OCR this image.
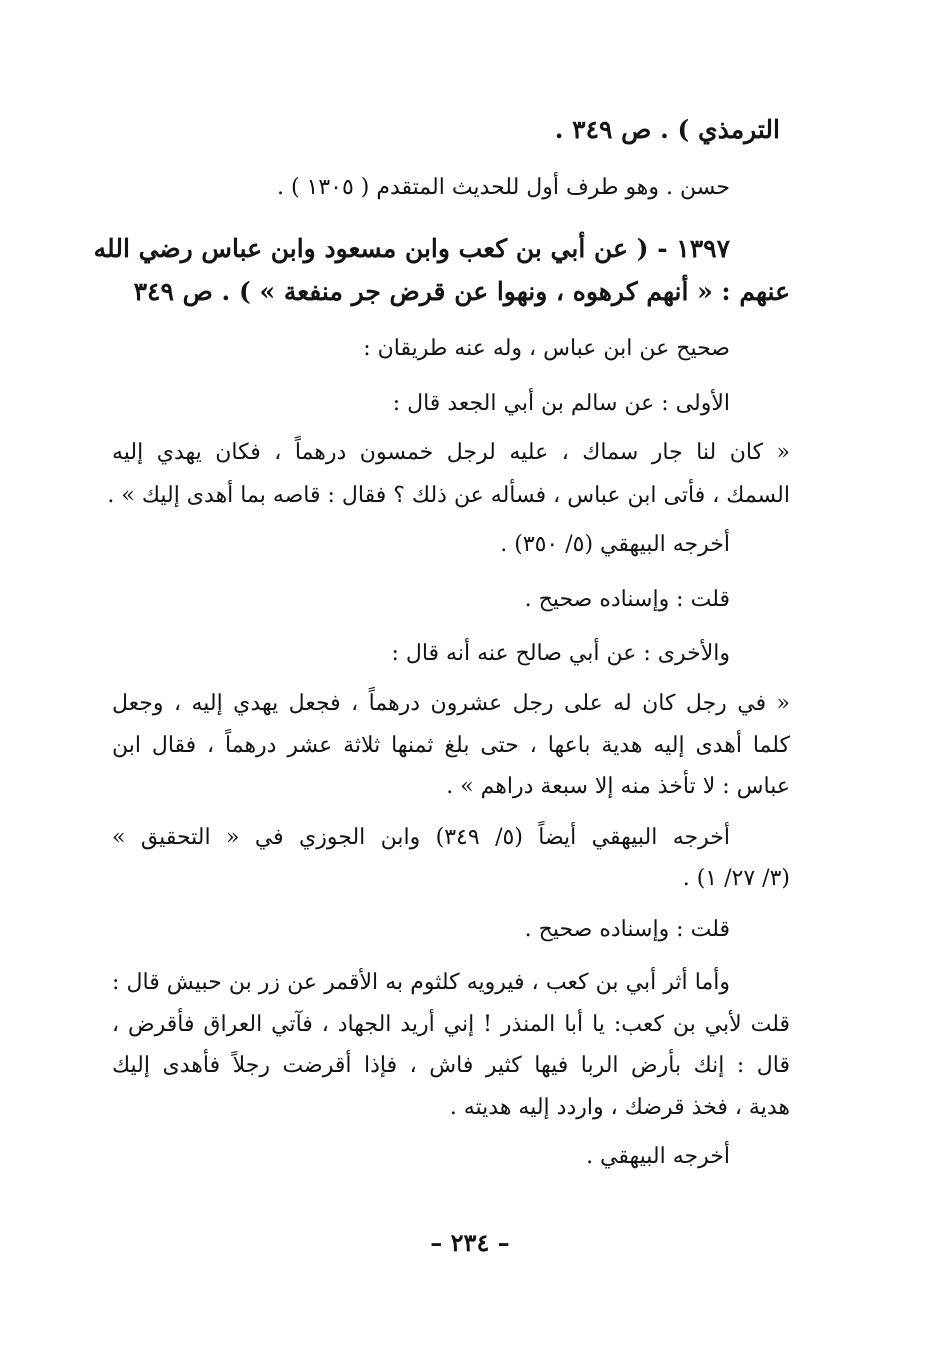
الترمذي ) . ص ٣٤٩ .
حسن . وهو طرف أول للحديث المتقدم ( ١٣٠٥ ) .
١٣٩٧ - ( عن أبي بن كعب وابن مسعود وابن عباس رضي الله
عنهم : « أنهم كرهوه ، ونهوا عن قرض جر منفعة » ) . ص ٣٤٩
صحيح عن ابن عباس ، وله عنه طريقان :
الأولى : عن سالم بن أبي الجعد قال :
« كان لنا جار سماك ، عليه لرجل خمسون درهماً ، فكان يهدي إليه
السمك ، فأتى ابن عباس ، فسأله عن ذلك ؟ فقال : قاصه بما أهدى إليك » .
أخرجه البيهقي (٥/ ٣٥٠) .
قلت : وإسناده صحيح .
والأخرى : عن أبي صالح عنه أنه قال :
« في رجل كان له على رجل عشرون درهماً ، فجعل يهدي إليه ، وجعل
كلما أهدى إليه هدية باعها ، حتى بلغ ثمنها ثلاثة عشر درهماً ، فقال ابن
عباس : لا تأخذ منه إلا سبعة دراهم » .
أخرجه البيهقي أيضاً (٥/ ٣٤٩) وابن الجوزي في « التحقيق »
(٣/ ٢٧/ ١) .
قلت : وإسناده صحيح .
وأما أثر أبي بن كعب ، فيرويه كلثوم به الأقمر عن زر بن حبيش قال :
قلت لأبي بن كعب: يا أبا المنذر ! إني أريد الجهاد ، فآتي العراق فأقرض ،
قال : إنك بأرض الربا فيها كثير فاش ، فإذا أقرضت رجلاً فأهدى إليك
هدية ، فخذ قرضك ، واردد إليه هديته .
أخرجه البيهقي .
– ٢٣٤ –
